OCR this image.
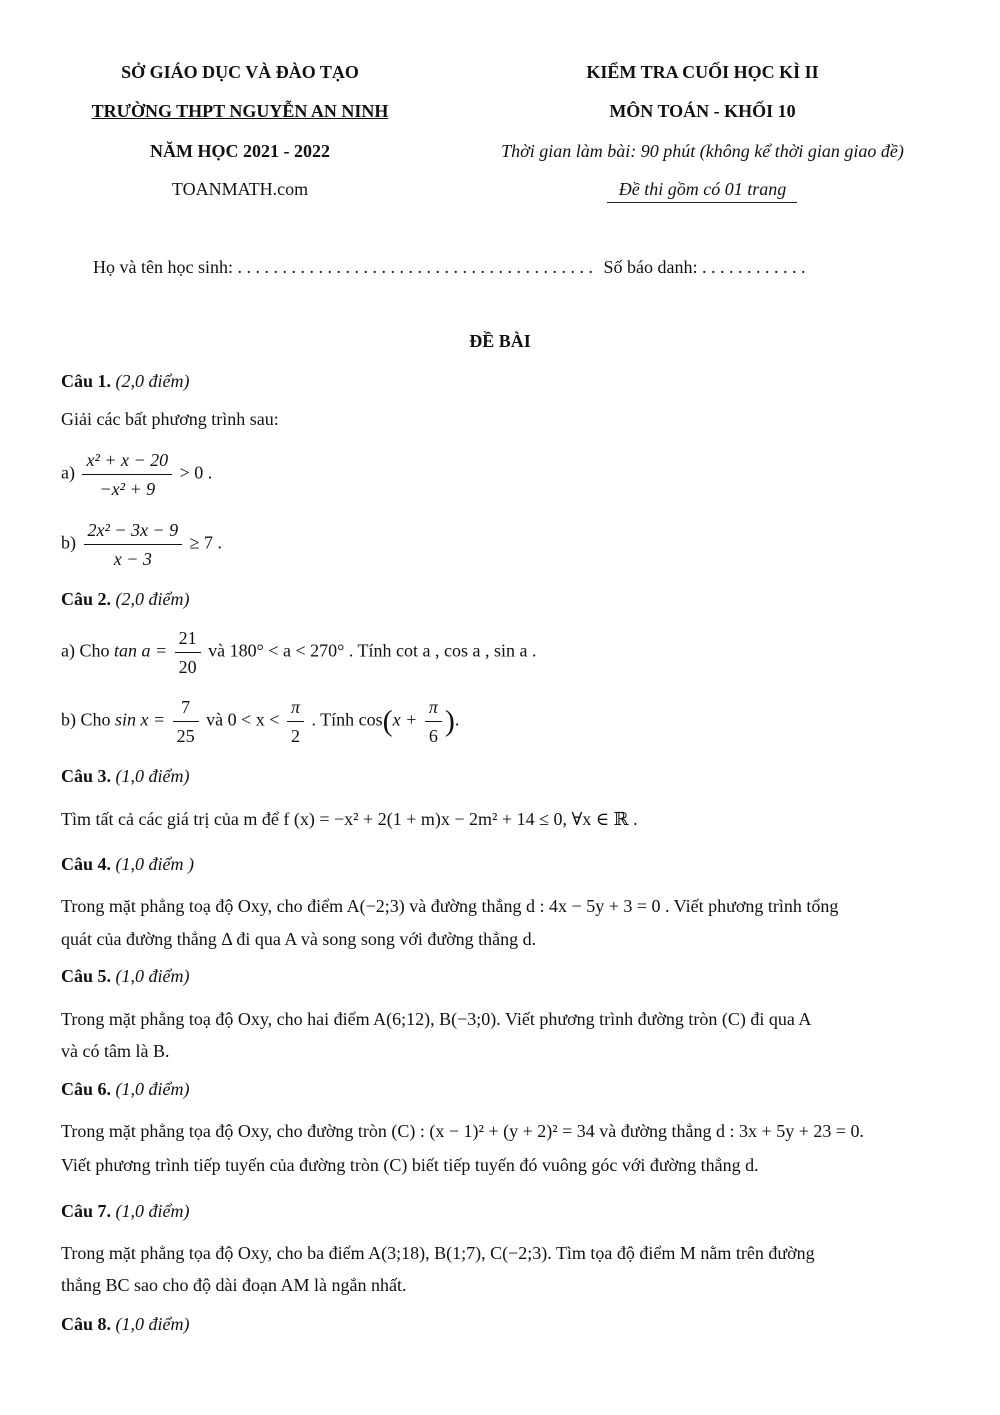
SỞ GIÁO DỤC VÀ ĐÀO TẠO
TRƯỜNG THPT NGUYỄN AN NINH
NĂM HỌC 2021 - 2022
TOANMATH.com
KIỂM TRA CUỐI HỌC KÌ II
MÔN TOÁN - KHỐI 10
Thời gian làm bài: 90 phút (không kể thời gian giao đề)
Đề thi gồm có 01 trang
Họ và tên học sinh: . . . . . . . . . . . . . . . . . . . . . . . . . . . . . . . . . . . . . . . . Số báo danh: . . . . . . . . . . . .
ĐỀ BÀI
Câu 1. (2,0 điểm)
Giải các bất phương trình sau:
$a) \frac{\text{x² + x − 20}}{\text{−x² + 9}} > 0$ .
$b) \frac{\text{2x² − 3x − 9}}{x - 3} \ge 7$ .
Câu 2. (2,0 điểm)
a) Cho $\tan a = \frac{21}{20}$ và 180° < a < 270° . Tính cot a , cos a , sin a .
b) Cho $\sin x = \frac{7}{25}$ và $0 < x < \frac{\pi}{2}$ . Tính $\cos(x + \frac{\pi}{6}$ ).
Câu 3. (1,0 điểm)
Tìm tất cả các giá trị của m để f (x) = −x² + 2(1 + m)x − 2m² + 14 ≤ 0, ∀x ∈ ℝ .
Câu 4. (1,0 điểm )
Trong mặt phẳng toạ độ Oxy, cho điểm A(−2;3) và đường thẳng d : 4x − 5y + 3 = 0 . Viết phương trình tổng
quát của đường thẳng Δ đi qua A và song song với đường thẳng d.
Câu 5. (1,0 điểm)
Trong mặt phẳng toạ độ Oxy, cho hai điểm A(6;12), B(−3;0). Viết phương trình đường tròn (C) đi qua A
và có tâm là B.
Câu 6. (1,0 điểm)
Trong mặt phẳng tọa độ Oxy, cho đường tròn (C) : (x − 1)² + (y + 2)² = 34 và đường thẳng d : 3x + 5y + 23 = 0.
Viết phương trình tiếp tuyến của đường tròn (C) biết tiếp tuyến đó vuông góc với đường thẳng d.
Câu 7. (1,0 điểm)
Trong mặt phẳng tọa độ Oxy, cho ba điểm A(3;18), B(1;7), C(−2;3). Tìm tọa độ điểm M nằm trên đường
thẳng BC sao cho độ dài đoạn AM là ngắn nhất.
Câu 8. (1,0 điểm)
